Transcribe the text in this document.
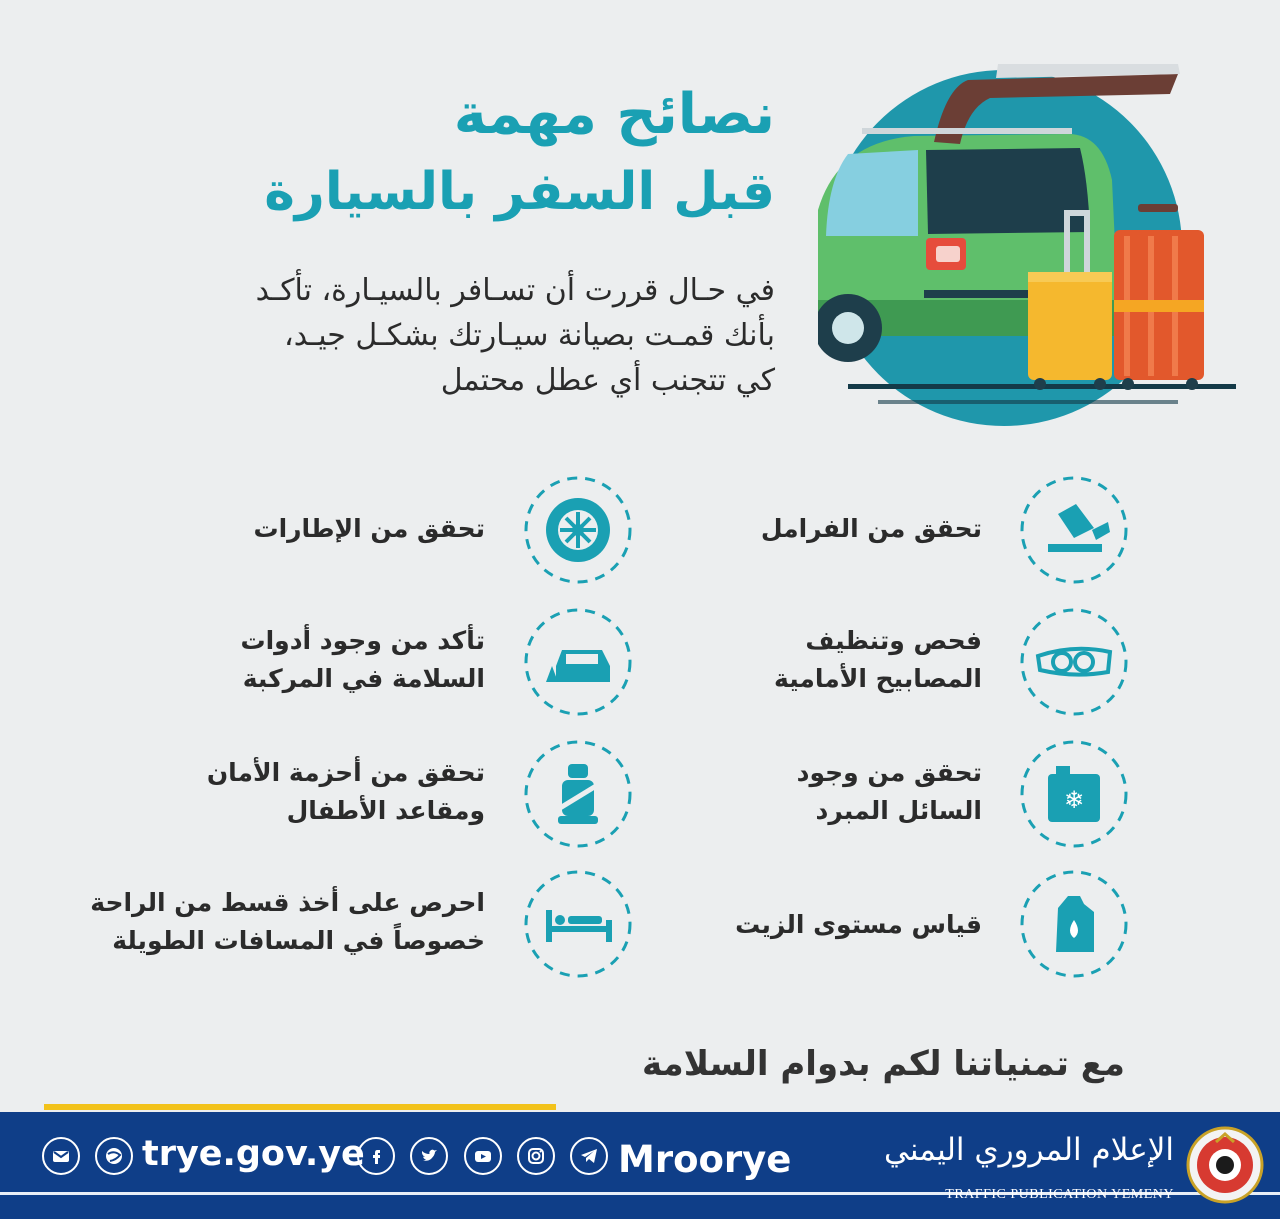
نصائح مهمة
قبل السفر بالسيارة
في حـال قررت أن تسـافر بالسيـارة، تأكـد
بأنك قمـت بصيانة سيـارتك بشكـل جيـد،
كي تتجنب أي عطل محتمل
تحقق من الفرامل
فحص وتنظيف
المصابيح الأمامية
تحقق من وجود
السائل المبرد	❄
قياس مستوى الزيت
تحقق من الإطارات
تأكد من وجود أدوات
السلامة في المركبة
تحقق من أحزمة الأمان
ومقاعد الأطفال
احرص على أخذ قسط من الراحة
خصوصاً في المسافات الطويلة
مع تمنياتنا لكم بدوام السلامة
trye.gov.ye	Mroorye	الإعلام المروري اليمني
TRAFFIC PUBLICATION YEMENY
